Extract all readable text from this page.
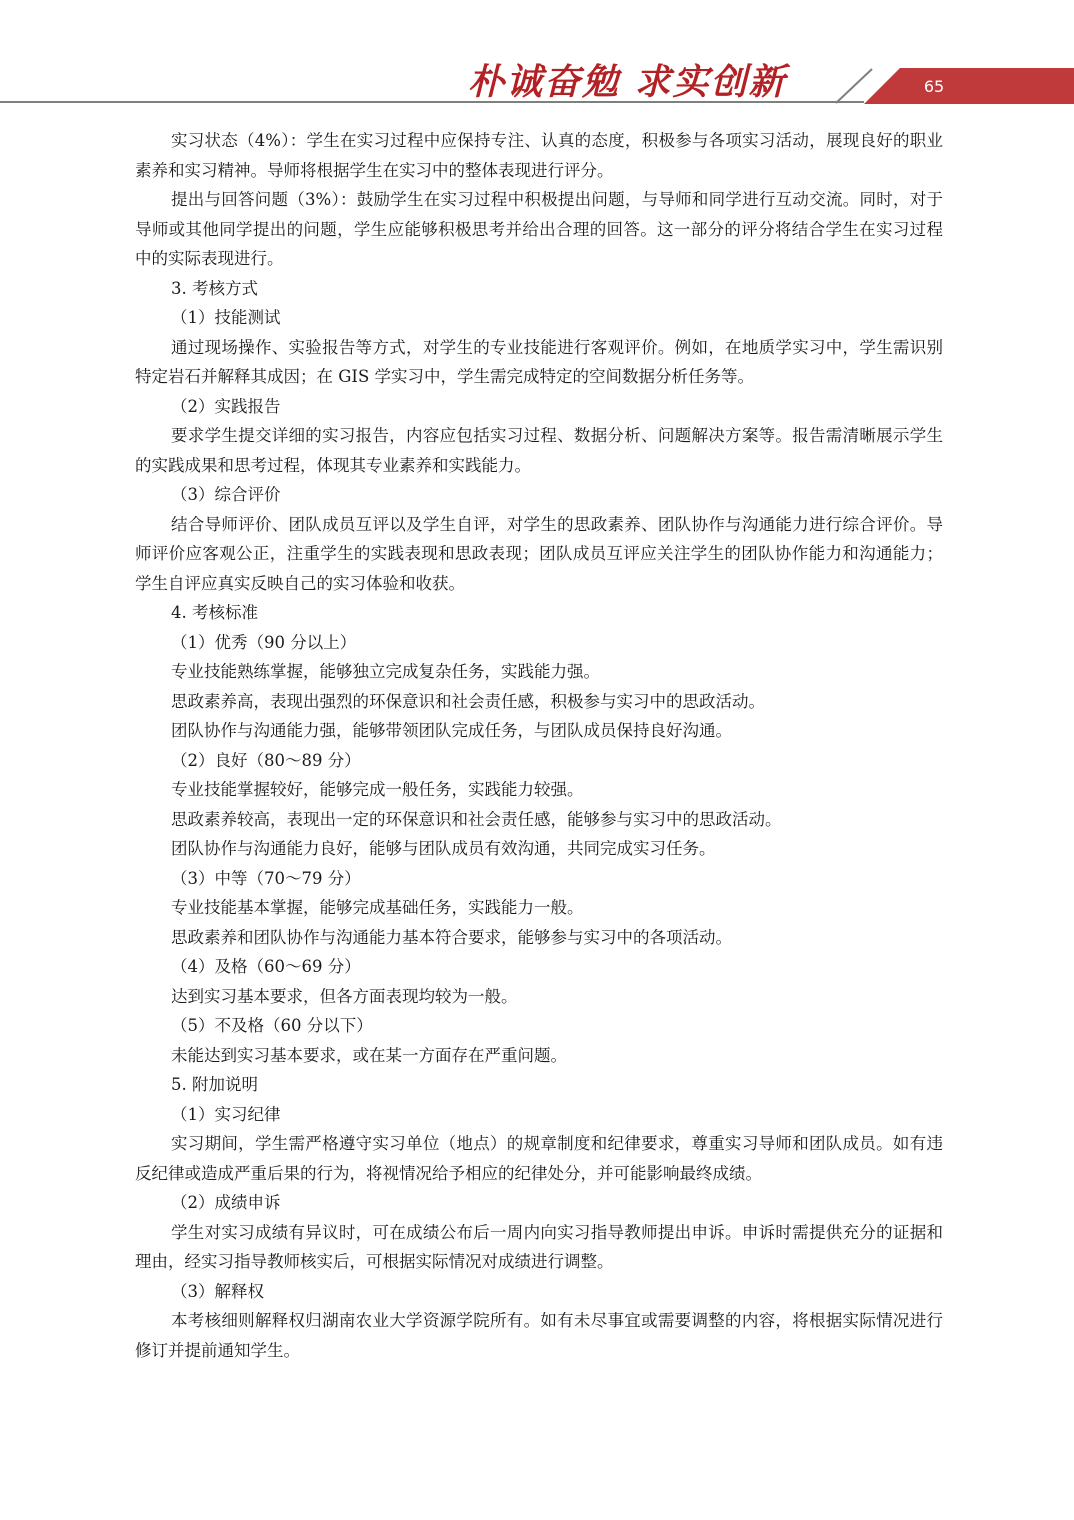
朴诚奋勉 求实创新	65

实习状态（4%）：学生在实习过程中应保持专注、认真的态度，积极参与各项实习活动，展现良好的职业素养和实习精神。导师将根据学生在实习中的整体表现进行评分。

提出与回答问题（3%）：鼓励学生在实习过程中积极提出问题，与导师和同学进行互动交流。同时，对于导师或其他同学提出的问题，学生应能够积极思考并给出合理的回答。这一部分的评分将结合学生在实习过程中的实际表现进行。

3. 考核方式

（1）技能测试

通过现场操作、实验报告等方式，对学生的专业技能进行客观评价。例如，在地质学实习中，学生需识别特定岩石并解释其成因；在 GIS 学实习中，学生需完成特定的空间数据分析任务等。

（2）实践报告

要求学生提交详细的实习报告，内容应包括实习过程、数据分析、问题解决方案等。报告需清晰展示学生的实践成果和思考过程，体现其专业素养和实践能力。

（3）综合评价

结合导师评价、团队成员互评以及学生自评，对学生的思政素养、团队协作与沟通能力进行综合评价。导师评价应客观公正，注重学生的实践表现和思政表现；团队成员互评应关注学生的团队协作能力和沟通能力；学生自评应真实反映自己的实习体验和收获。

4. 考核标准

（1）优秀（90 分以上）

专业技能熟练掌握，能够独立完成复杂任务，实践能力强。

思政素养高，表现出强烈的环保意识和社会责任感，积极参与实习中的思政活动。

团队协作与沟通能力强，能够带领团队完成任务，与团队成员保持良好沟通。

（2）良好（80～89 分）

专业技能掌握较好，能够完成一般任务，实践能力较强。

思政素养较高，表现出一定的环保意识和社会责任感，能够参与实习中的思政活动。

团队协作与沟通能力良好，能够与团队成员有效沟通，共同完成实习任务。

（3）中等（70～79 分）

专业技能基本掌握，能够完成基础任务，实践能力一般。

思政素养和团队协作与沟通能力基本符合要求，能够参与实习中的各项活动。

（4）及格（60～69 分）

达到实习基本要求，但各方面表现均较为一般。

（5）不及格（60 分以下）

未能达到实习基本要求，或在某一方面存在严重问题。

5. 附加说明

（1）实习纪律

实习期间，学生需严格遵守实习单位（地点）的规章制度和纪律要求，尊重实习导师和团队成员。如有违反纪律或造成严重后果的行为，将视情况给予相应的纪律处分，并可能影响最终成绩。

（2）成绩申诉

学生对实习成绩有异议时，可在成绩公布后一周内向实习指导教师提出申诉。申诉时需提供充分的证据和理由，经实习指导教师核实后，可根据实际情况对成绩进行调整。

（3）解释权

本考核细则解释权归湖南农业大学资源学院所有。如有未尽事宜或需要调整的内容，将根据实际情况进行修订并提前通知学生。
